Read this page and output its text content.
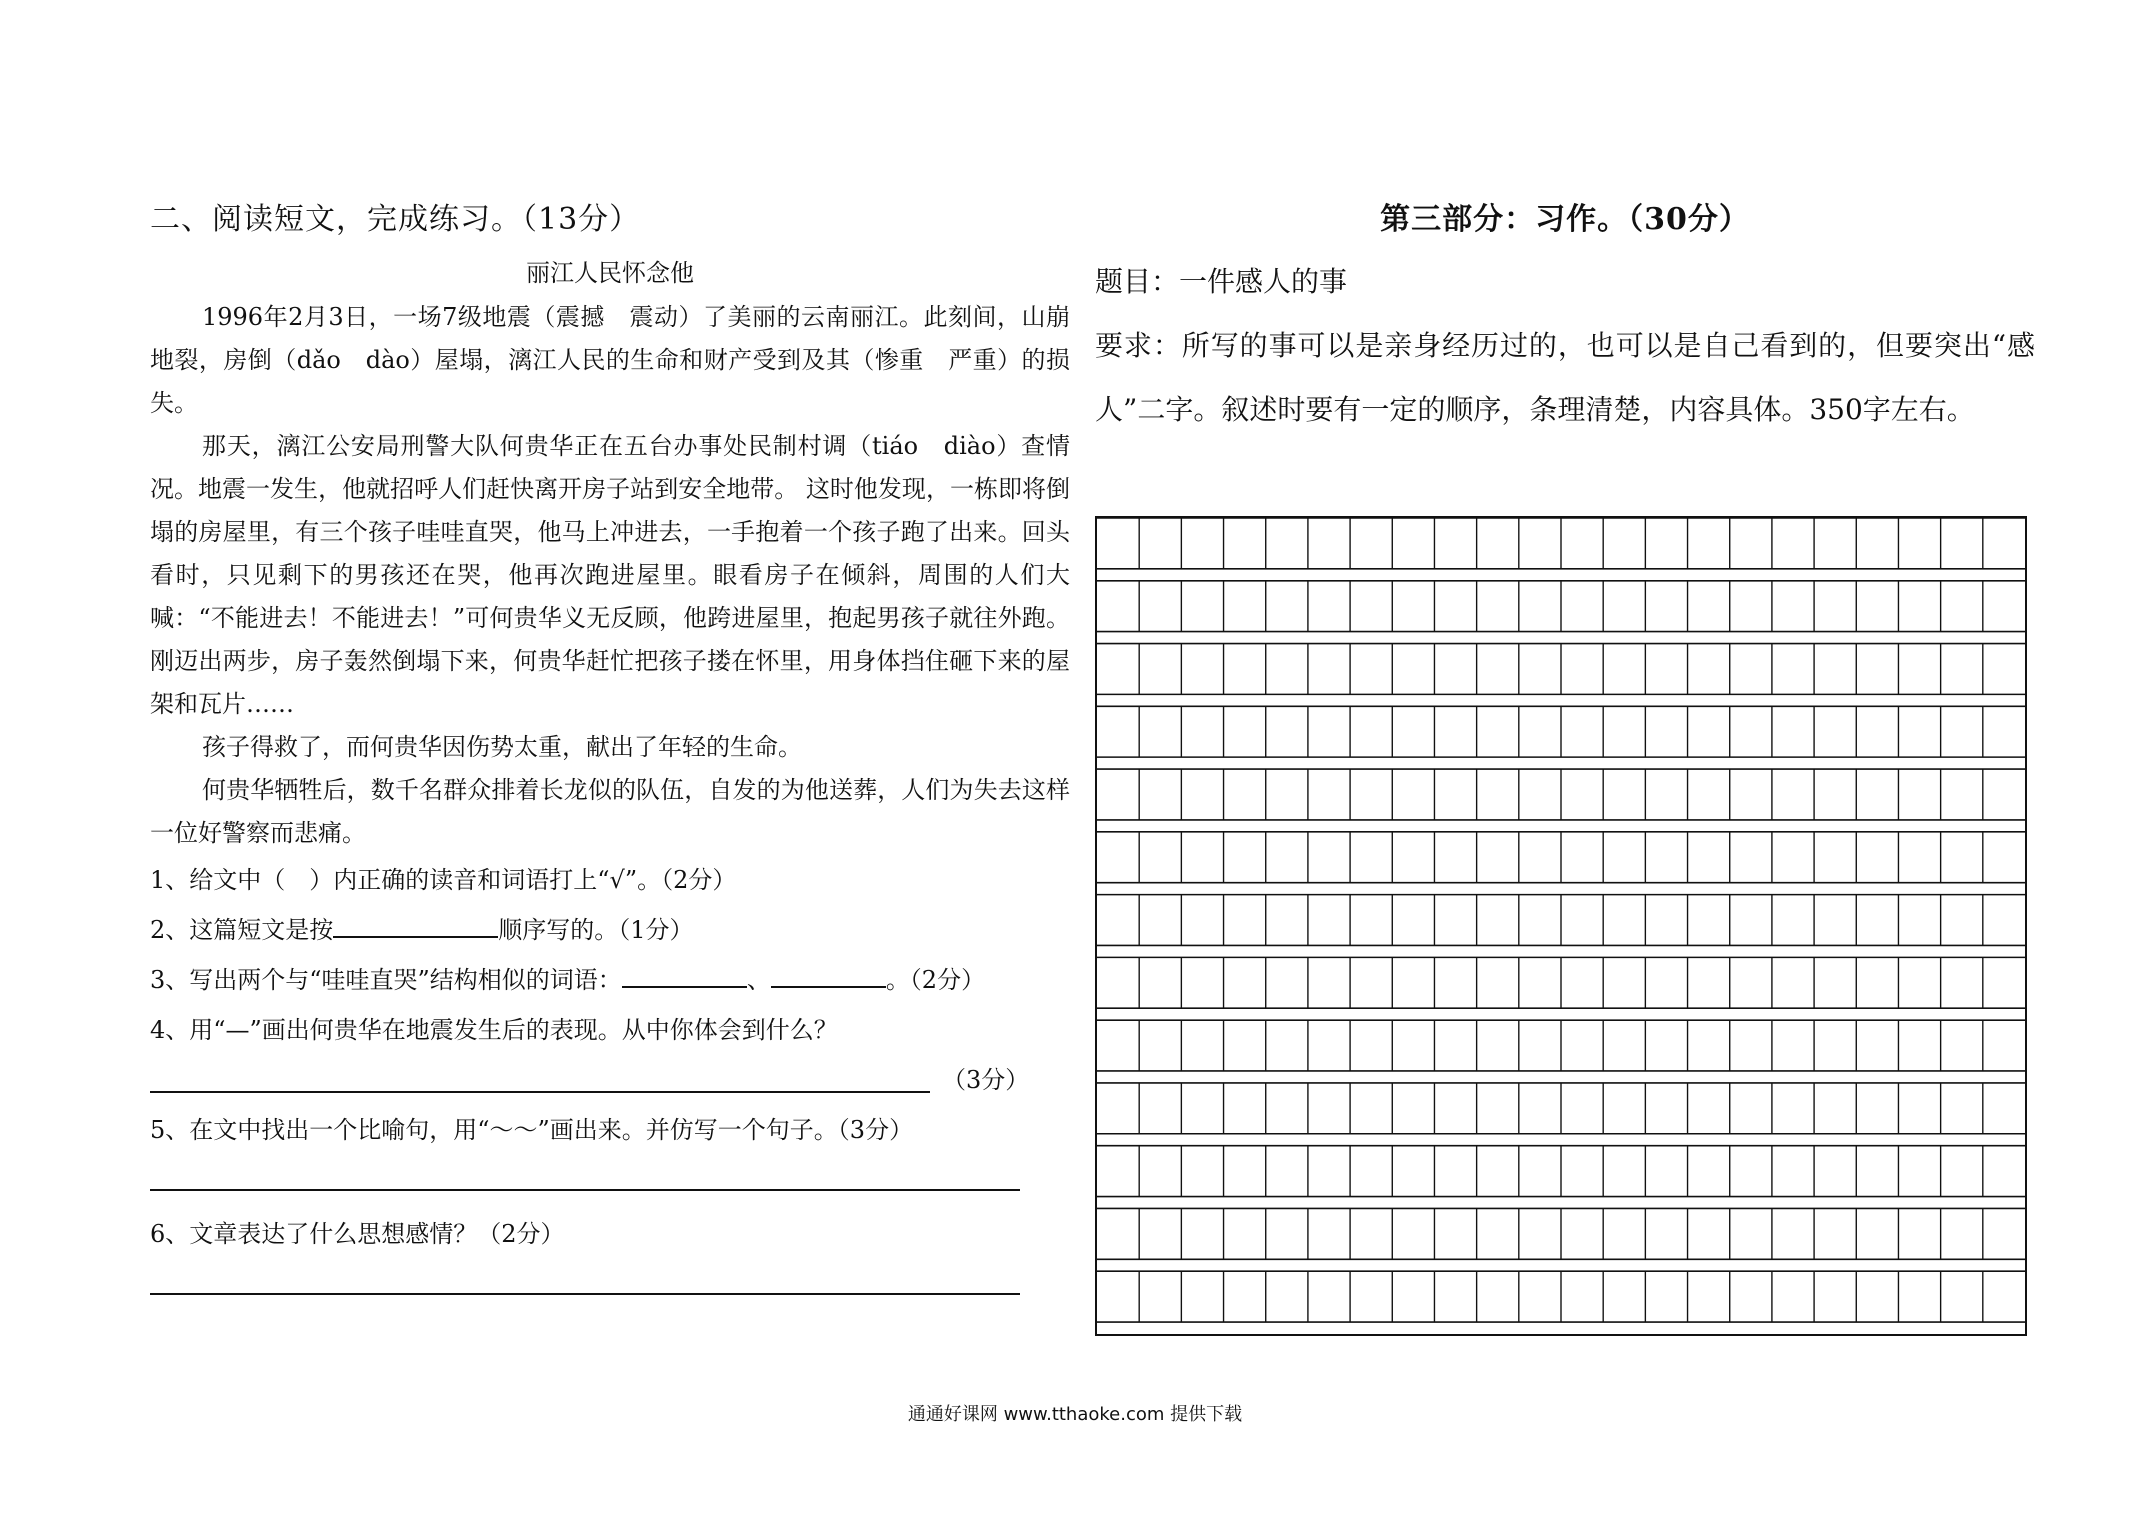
二、阅读短文，完成练习。（13分）

丽江人民怀念他

1996年2月3日，一场7级地震（震撼　震动）了美丽的云南丽江。此刻间，山崩地裂，房倒（dǎo　dào）屋塌，漓江人民的生命和财产受到及其（惨重　严重）的损失。

那天，漓江公安局刑警大队何贵华正在五台办事处民制村调（tiáo　diào）查情况。地震一发生，他就招呼人们赶快离开房子站到安全地带。 这时他发现，一栋即将倒塌的房屋里，有三个孩子哇哇直哭，他马上冲进去，一手抱着一个孩子跑了出来。回头看时，只见剩下的男孩还在哭，他再次跑进屋里。眼看房子在倾斜，周围的人们大喊：“不能进去！不能进去！”可何贵华义无反顾，他跨进屋里，抱起男孩子就往外跑。刚迈出两步，房子轰然倒塌下来，何贵华赶忙把孩子搂在怀里，用身体挡住砸下来的屋架和瓦片……

孩子得救了，而何贵华因伤势太重，献出了年轻的生命。

何贵华牺牲后，数千名群众排着长龙似的队伍，自发的为他送葬，人们为失去这样一位好警察而悲痛。

1、给文中（　）内正确的读音和词语打上“√”。（2分）

2、这篇短文是按	顺序写的。（1分）

3、写出两个与“哇哇直哭”结构相似的词语：	、	。（2分）

4、用“—”画出何贵华在地震发生后的表现。从中你体会到什么？

（3分）

5、在文中找出一个比喻句，用“～～”画出来。并仿写一个句子。（3分）

6、文章表达了什么思想感情？（2分）

第三部分：习作。（30分）

题目：一件感人的事

要求：所写的事可以是亲身经历过的，也可以是自己看到的，但要突出“感人”二字。叙述时要有一定的顺序，条理清楚，内容具体。350字左右。

通通好课网 www.tthaoke.com 提供下载
